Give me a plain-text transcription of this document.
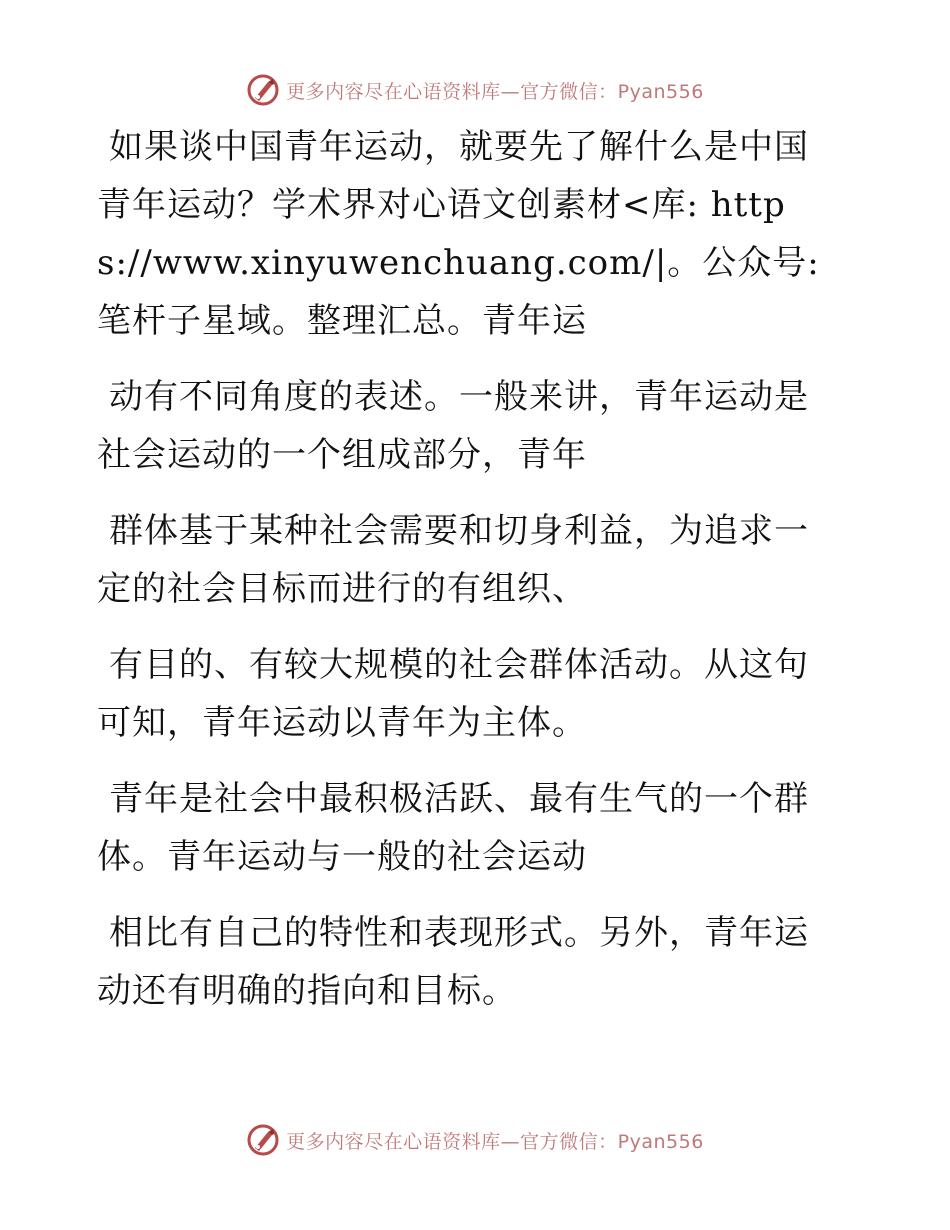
更多内容尽在心语资料库—官方微信：Pyan556

如果谈中国青年运动，就要先了解什么是中国青年运动？学术界对心语文创素材<库: https://www.xinyuwenchuang.com/|。公众号: 笔杆子星域。整理汇总。青年运

动有不同角度的表述。一般来讲，青年运动是社会运动的一个组成部分，青年

群体基于某种社会需要和切身利益，为追求一定的社会目标而进行的有组织、

有目的、有较大规模的社会群体活动。从这句可知，青年运动以青年为主体。

青年是社会中最积极活跃、最有生气的一个群体。青年运动与一般的社会运动

相比有自己的特性和表现形式。另外，青年运动还有明确的指向和目标。

更多内容尽在心语资料库—官方微信：Pyan556
